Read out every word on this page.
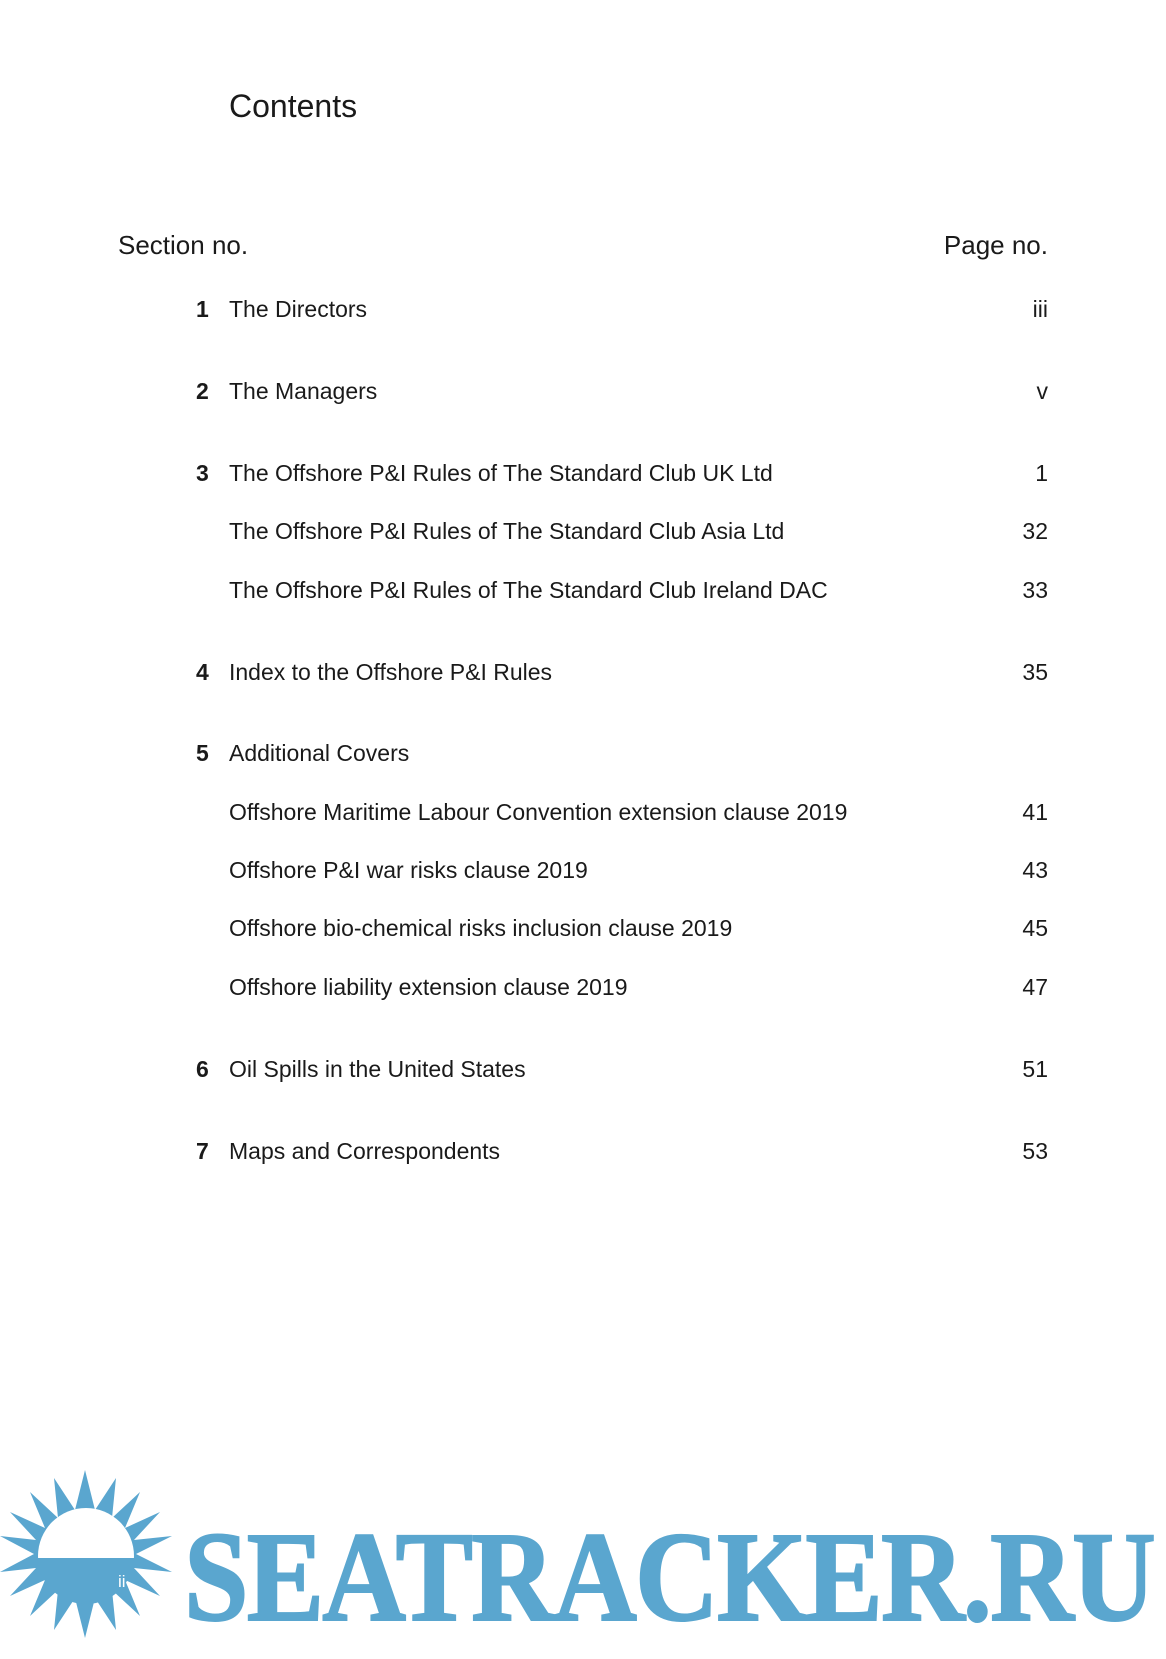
Contents
Section no.	Page no.
1 The Directors	iii
2 The Managers	v
3 The Offshore P&I Rules of The Standard Club UK Ltd	1
The Offshore P&I Rules of The Standard Club Asia Ltd	32
The Offshore P&I Rules of The Standard Club Ireland DAC	33
4 Index to the Offshore P&I Rules	35
5 Additional Covers
Offshore Maritime Labour Convention extension clause 2019	41
Offshore P&I war risks clause 2019	43
Offshore bio-chemical risks inclusion clause 2019	45
Offshore liability extension clause 2019	47
6 Oil Spills in the United States	51
7 Maps and Correspondents	53
SEATRACKER.RU
ii
